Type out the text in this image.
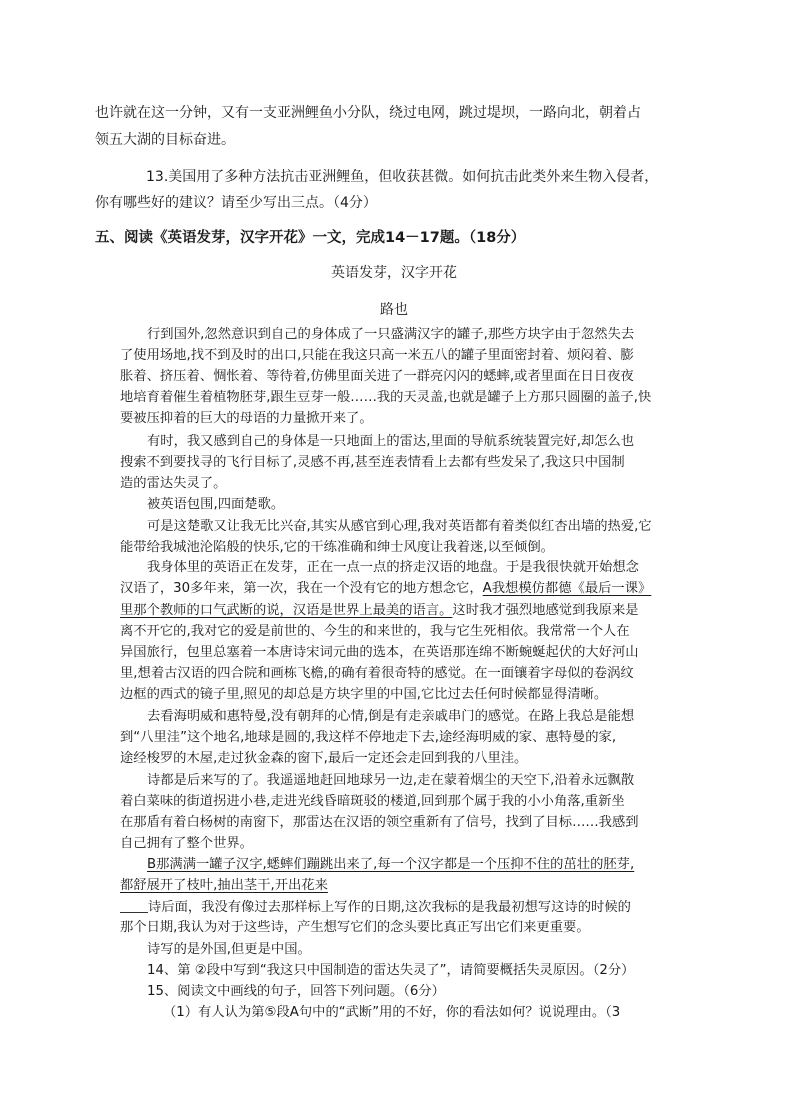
也许就在这一分钟，又有一支亚洲鲤鱼小分队，绕过电网，跳过堤坝，一路向北，朝着占
领五大湖的目标奋进。
13.美国用了多种方法抗击亚洲鲤鱼，但收获甚微。如何抗击此类外来生物入侵者，
你有哪些好的建议？请至少写出三点。（4分）
五、阅读《英语发芽，汉字开花》一文，完成14－17题。（18分）
英语发芽，汉字开花
路也
行到国外,忽然意识到自己的身体成了一只盛满汉字的罐子,那些方块字由于忽然失去
了使用场地,找不到及时的出口,只能在我这只高一米五八的罐子里面密封着、烦闷着、膨
胀着、挤压着、惆怅着、等待着,仿佛里面关进了一群亮闪闪的蟋蟀,或者里面在日日夜夜
地培育着催生着植物胚芽,跟生豆芽一般……我的天灵盖,也就是罐子上方那只圆圈的盖子,快
要被压抑着的巨大的母语的力量掀开来了。
有时，我又感到自己的身体是一只地面上的雷达,里面的导航系统装置完好,却怎么也
搜索不到要找寻的飞行目标了,灵感不再,甚至连表情看上去都有些发呆了,我这只中国制
造的雷达失灵了。
被英语包围,四面楚歌。
可是这楚歌又让我无比兴奋,其实从感官到心理,我对英语都有着类似红杏出墙的热爱,它
能带给我城池沦陷般的快乐,它的干练准确和绅士风度让我着迷,以至倾倒。
我身体里的英语正在发芽，正在一点一点的挤走汉语的地盘。于是我很快就开始想念
汉语了，30多年来，第一次，我在一个没有它的地方想念它，A我想模仿都德《最后一课》
里那个教师的口气武断的说，汉语是世界上最美的语言。这时我才强烈地感觉到我原来是
离不开它的,我对它的爱是前世的、今生的和来世的，我与它生死相依。我常常一个人在
异国旅行，包里总塞着一本唐诗宋词元曲的选本，在英语那连绵不断蜿蜒起伏的大好河山
里,想着古汉语的四合院和画栋飞檐,的确有着很奇特的感觉。在一面镶着字母似的卷涡纹
边框的西式的镜子里,照见的却总是方块字里的中国,它比过去任何时候都显得清晰。
去看海明威和惠特曼,没有朝拜的心情,倒是有走亲戚串门的感觉。在路上我总是能想
到“八里洼”这个地名,地球是圆的,我这样不停地走下去,途经海明威的家、惠特曼的家,
途经梭罗的木屋,走过狄金森的窗下,最后一定还会走回到我的八里洼。
诗都是后来写的了。我遥遥地赶回地球另一边,走在蒙着烟尘的天空下,沿着永远飘散
着白菜味的街道拐进小巷,走进光线昏暗斑驳的楼道,回到那个属于我的小小角落,重新坐
在那盾有着白杨树的南窗下，那雷达在汉语的领空重新有了信号，找到了目标……我感到
自己拥有了整个世界。
B那满满一罐子汉字,蟋蟀们蹦跳出来了,每一个汉字都是一个压抑不住的茁壮的胚芽,
都舒展开了枝叶,抽出茎干,开出花来
诗后面，我没有像过去那样标上写作的日期,这次我标的是我最初想写这诗的时候的
那个日期,我认为对于这些诗，产生想写它们的念头要比真正写出它们来更重要。
诗写的是外国,但更是中国。
14、第 ②段中写到“我这只中国制造的雷达失灵了”，请简要概括失灵原因。（2分）
15、阅读文中画线的句子，回答下列问题。（6分）
（1）有人认为第⑤段A句中的“武断”用的不好，你的看法如何？说说理由。（3
